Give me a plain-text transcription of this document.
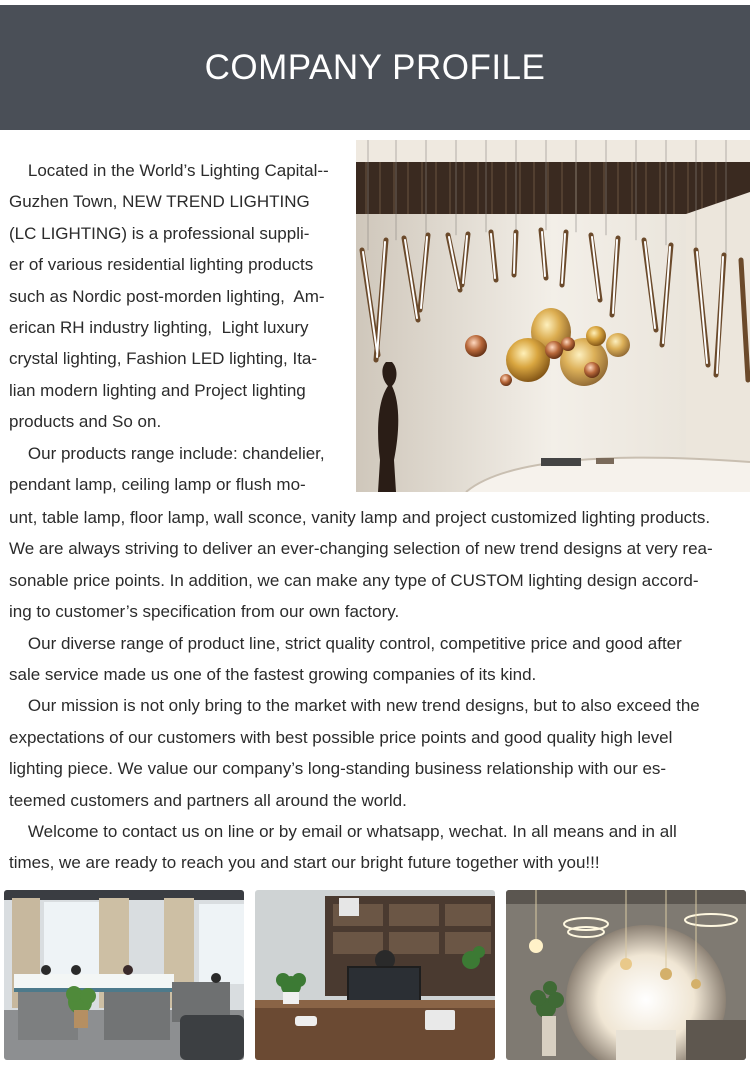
COMPANY PROFILE
Located in the World’s Lighting Capital--
Guzhen Town, NEW TREND LIGHTING
(LC LIGHTING) is a professional suppli-
er of various residential lighting products
such as Nordic post-morden lighting,  Am-
erican RH industry lighting,  Light luxury
crystal lighting, Fashion LED lighting, Ita-
lian modern lighting and Project lighting
products and So on.
Our products range include: chandelier,
pendant lamp, ceiling lamp or flush mo-
unt, table lamp, floor lamp, wall sconce, vanity lamp and project customized lighting products.
We are always striving to deliver an ever-changing selection of new trend designs at very rea-
sonable price points. In addition, we can make any type of CUSTOM lighting design accord-
ing to customer’s specification from our own factory.
Our diverse range of product line, strict quality control, competitive price and good after
sale service made us one of the fastest growing companies of its kind.
Our mission is not only bring to the market with new trend designs, but to also exceed the
expectations of our customers with best possible price points and good quality high level
lighting piece. We value our company’s long-standing business relationship with our es-
teemed customers and partners all around the world.
Welcome to contact us on line or by email or whatsapp, wechat. In all means and in all
times, we are ready to reach you and start our bright future together with you!!!
